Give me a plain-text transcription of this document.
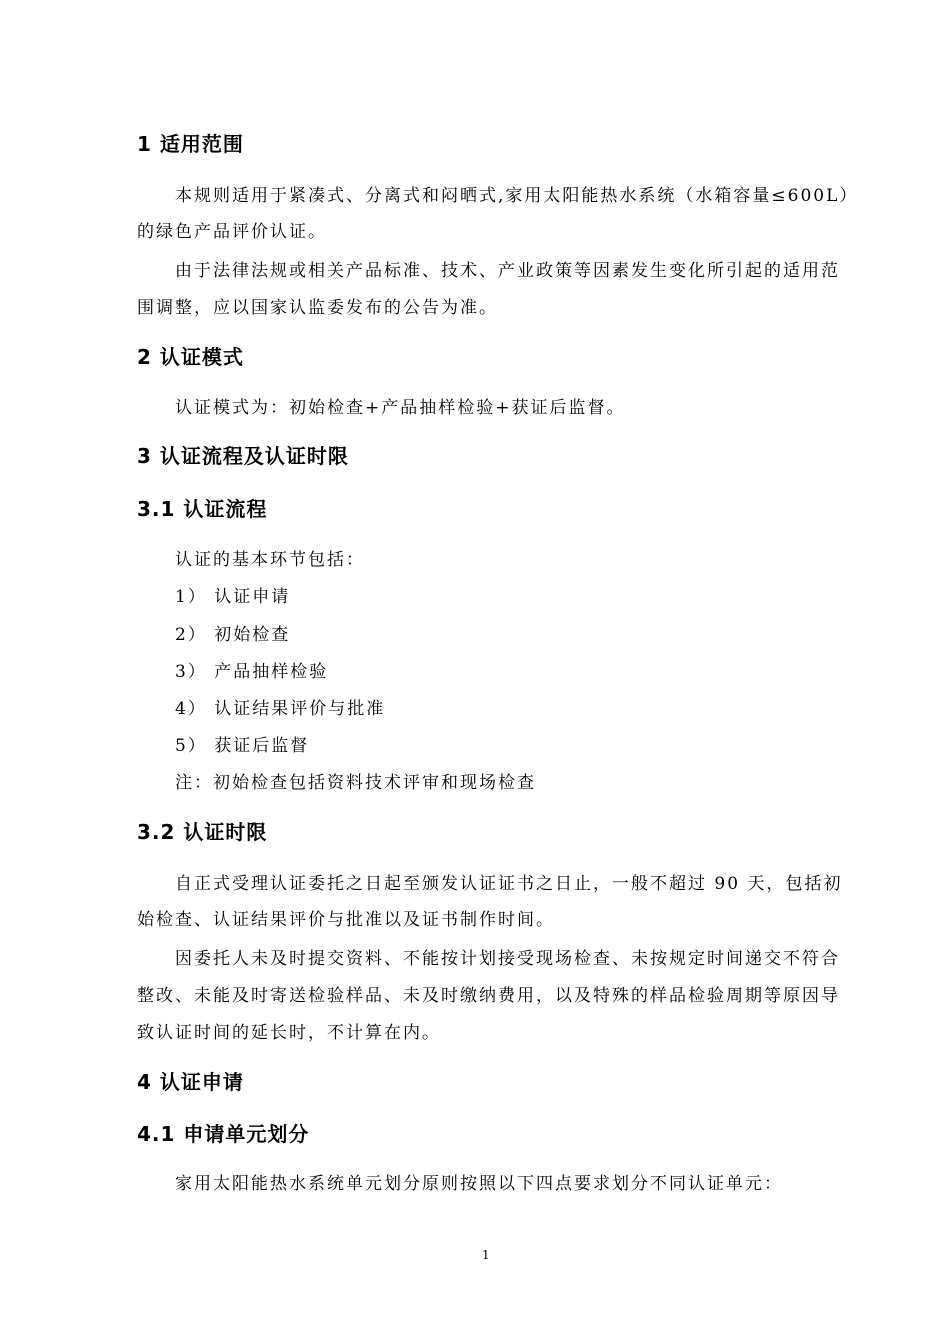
1 适用范围
本规则适用于紧凑式、分离式和闷晒式,家用太阳能热水系统（水箱容量≤600L）
的绿色产品评价认证。
由于法律法规或相关产品标准、技术、产业政策等因素发生变化所引起的适用范
围调整，应以国家认监委发布的公告为准。
2 认证模式
认证模式为：初始检查+产品抽样检验+获证后监督。
3 认证流程及认证时限
3.1 认证流程
认证的基本环节包括：
1） 认证申请
2） 初始检查
3） 产品抽样检验
4） 认证结果评价与批准
5） 获证后监督
注：初始检查包括资料技术评审和现场检查
3.2 认证时限
自正式受理认证委托之日起至颁发认证证书之日止，一般不超过 90 天，包括初
始检查、认证结果评价与批准以及证书制作时间。
因委托人未及时提交资料、不能按计划接受现场检查、未按规定时间递交不符合
整改、未能及时寄送检验样品、未及时缴纳费用，以及特殊的样品检验周期等原因导
致认证时间的延长时，不计算在内。
4 认证申请
4.1 申请单元划分
家用太阳能热水系统单元划分原则按照以下四点要求划分不同认证单元：
1
